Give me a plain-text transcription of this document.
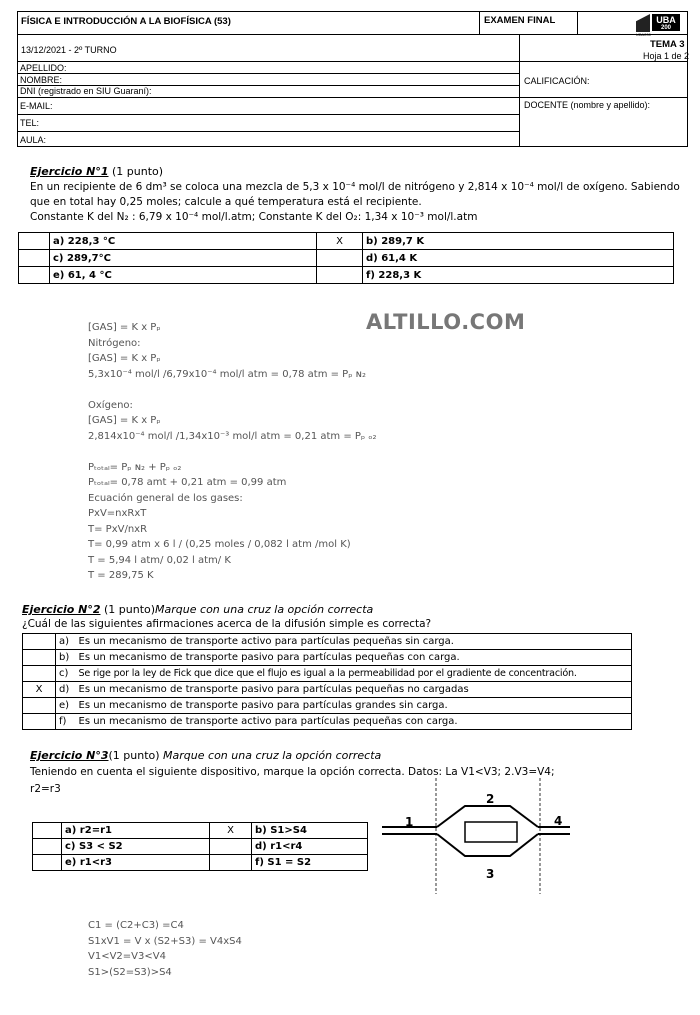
FÍSICA E INTRODUCCIÓN A LA BIOFÍSICA (53)	EXAMEN FINAL	UBA
200
UBA200
13/12/2021 - 2º TURNO	TEMA 3
Hoja 1 de 2
APELLIDO:
NOMBRE:
DNI (registrado en SIU Guaraní):
E-MAIL:
TEL:
AULA:
CALIFICACIÓN:
DOCENTE (nombre y apellido):
Ejercicio N°1 (1 punto)
En un recipiente de 6 dm³ se coloca una mezcla de 5,3 x 10⁻⁴ mol/l de nitrógeno y 2,814 x 10⁻⁴ mol/l de oxígeno. Sabiendo
que en total hay 0,25 moles; calcule a qué temperatura está el recipiente.
Constante K del N₂ : 6,79 x 10⁻⁴ mol/l.atm; Constante K del O₂: 1,34 x 10⁻³ mol/l.atm
	a) 228,3 °C	X	b) 289,7 K
	c) 289,7°C		d) 61,4 K
	e) 61, 4 °C		f) 228,3 K
ALTILLO.COM
[GAS] = K x Pₚ
Nitrógeno:
[GAS] = K x Pₚ
5,3x10⁻⁴ mol/l /6,79x10⁻⁴ mol/l atm = 0,78 atm = Pₚ ɴ₂
Oxígeno:
[GAS] = K x Pₚ
2,814x10⁻⁴ mol/l /1,34x10⁻³ mol/l atm = 0,21 atm = Pₚ ₒ₂
Pₜₒₜₐₗ= Pₚ ɴ₂ + Pₚ ₒ₂
Pₜₒₜₐₗ= 0,78 amt + 0,21 atm = 0,99 atm
Ecuación general de los gases:
PxV=nxRxT
T= PxV/nxR
T= 0,99 atm x 6 l / (0,25 moles / 0,082 l atm /mol K)
T = 5,94 l atm/ 0,02 l atm/ K
T = 289,75 K
Ejercicio N°2 (1 punto)Marque con una cruz la opción correcta
¿Cuál de las siguientes afirmaciones acerca de la difusión simple es correcta?
	a)	Es un mecanismo de transporte activo para partículas pequeñas sin carga.
	b)	Es un mecanismo de transporte pasivo para partículas pequeñas con carga.
	c)	Se rige por la ley de Fick que dice que el flujo es igual a la permeabilidad por el gradiente de concentración.
X	d)	Es un mecanismo de transporte pasivo para partículas pequeñas no cargadas
	e)	Es un mecanismo de transporte pasivo para partículas grandes sin carga.
	f)	Es un mecanismo de transporte activo para partículas pequeñas con carga.
Ejercicio N°3(1 punto) Marque con una cruz la opción correcta
Teniendo en cuenta el siguiente dispositivo, marque la opción correcta. Datos: La V1<V3; 2.V3=V4;
r2=r3
	a) r2=r1	X	b) S1>S4
	c) S3 < S2		d) r1<r4
	e) r1<r3		f) S1 = S2
1
2
3
4
C1 = (C2+C3) =C4
S1xV1 = V x (S2+S3) = V4xS4
V1<V2=V3<V4
S1>(S2=S3)>S4
